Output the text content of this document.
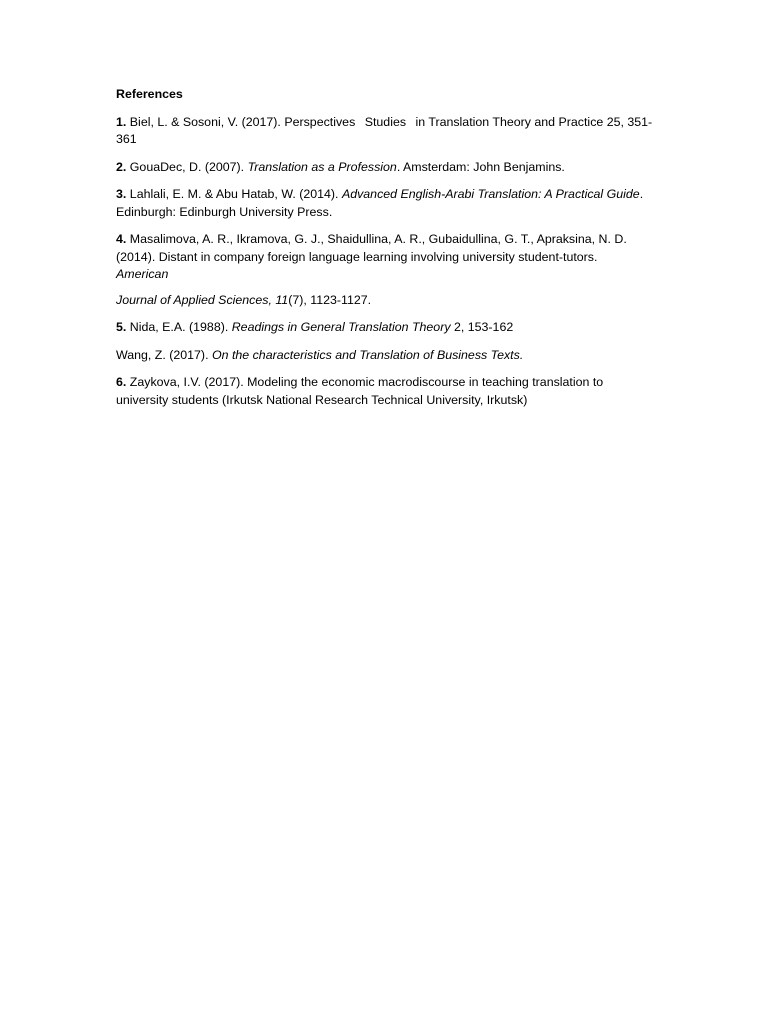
References
1. Biel, L. & Sosoni, V. (2017). Perspectives Studies in Translation Theory and Practice 25, 351-361
2. GouaDec, D. (2007). Translation as a Profession. Amsterdam: John Benjamins.
3. Lahlali, E. M. & Abu Hatab, W. (2014). Advanced English-Arabi Translation: A Practical Guide. Edinburgh: Edinburgh University Press.
4. Masalimova, A. R., Ikramova, G. J., Shaidullina, A. R., Gubaidullina, G. T., Apraksina, N. D. (2014). Distant in company foreign language learning involving university student-tutors.
American
Journal of Applied Sciences, 11(7), 1123-1127.
5. Nida, E.A. (1988). Readings in General Translation Theory 2, 153-162
Wang, Z. (2017). On the characteristics and Translation of Business Texts.
6. Zaykova, I.V. (2017). Modeling the economic macrodiscourse in teaching translation to university students (Irkutsk National Research Technical University, Irkutsk)
